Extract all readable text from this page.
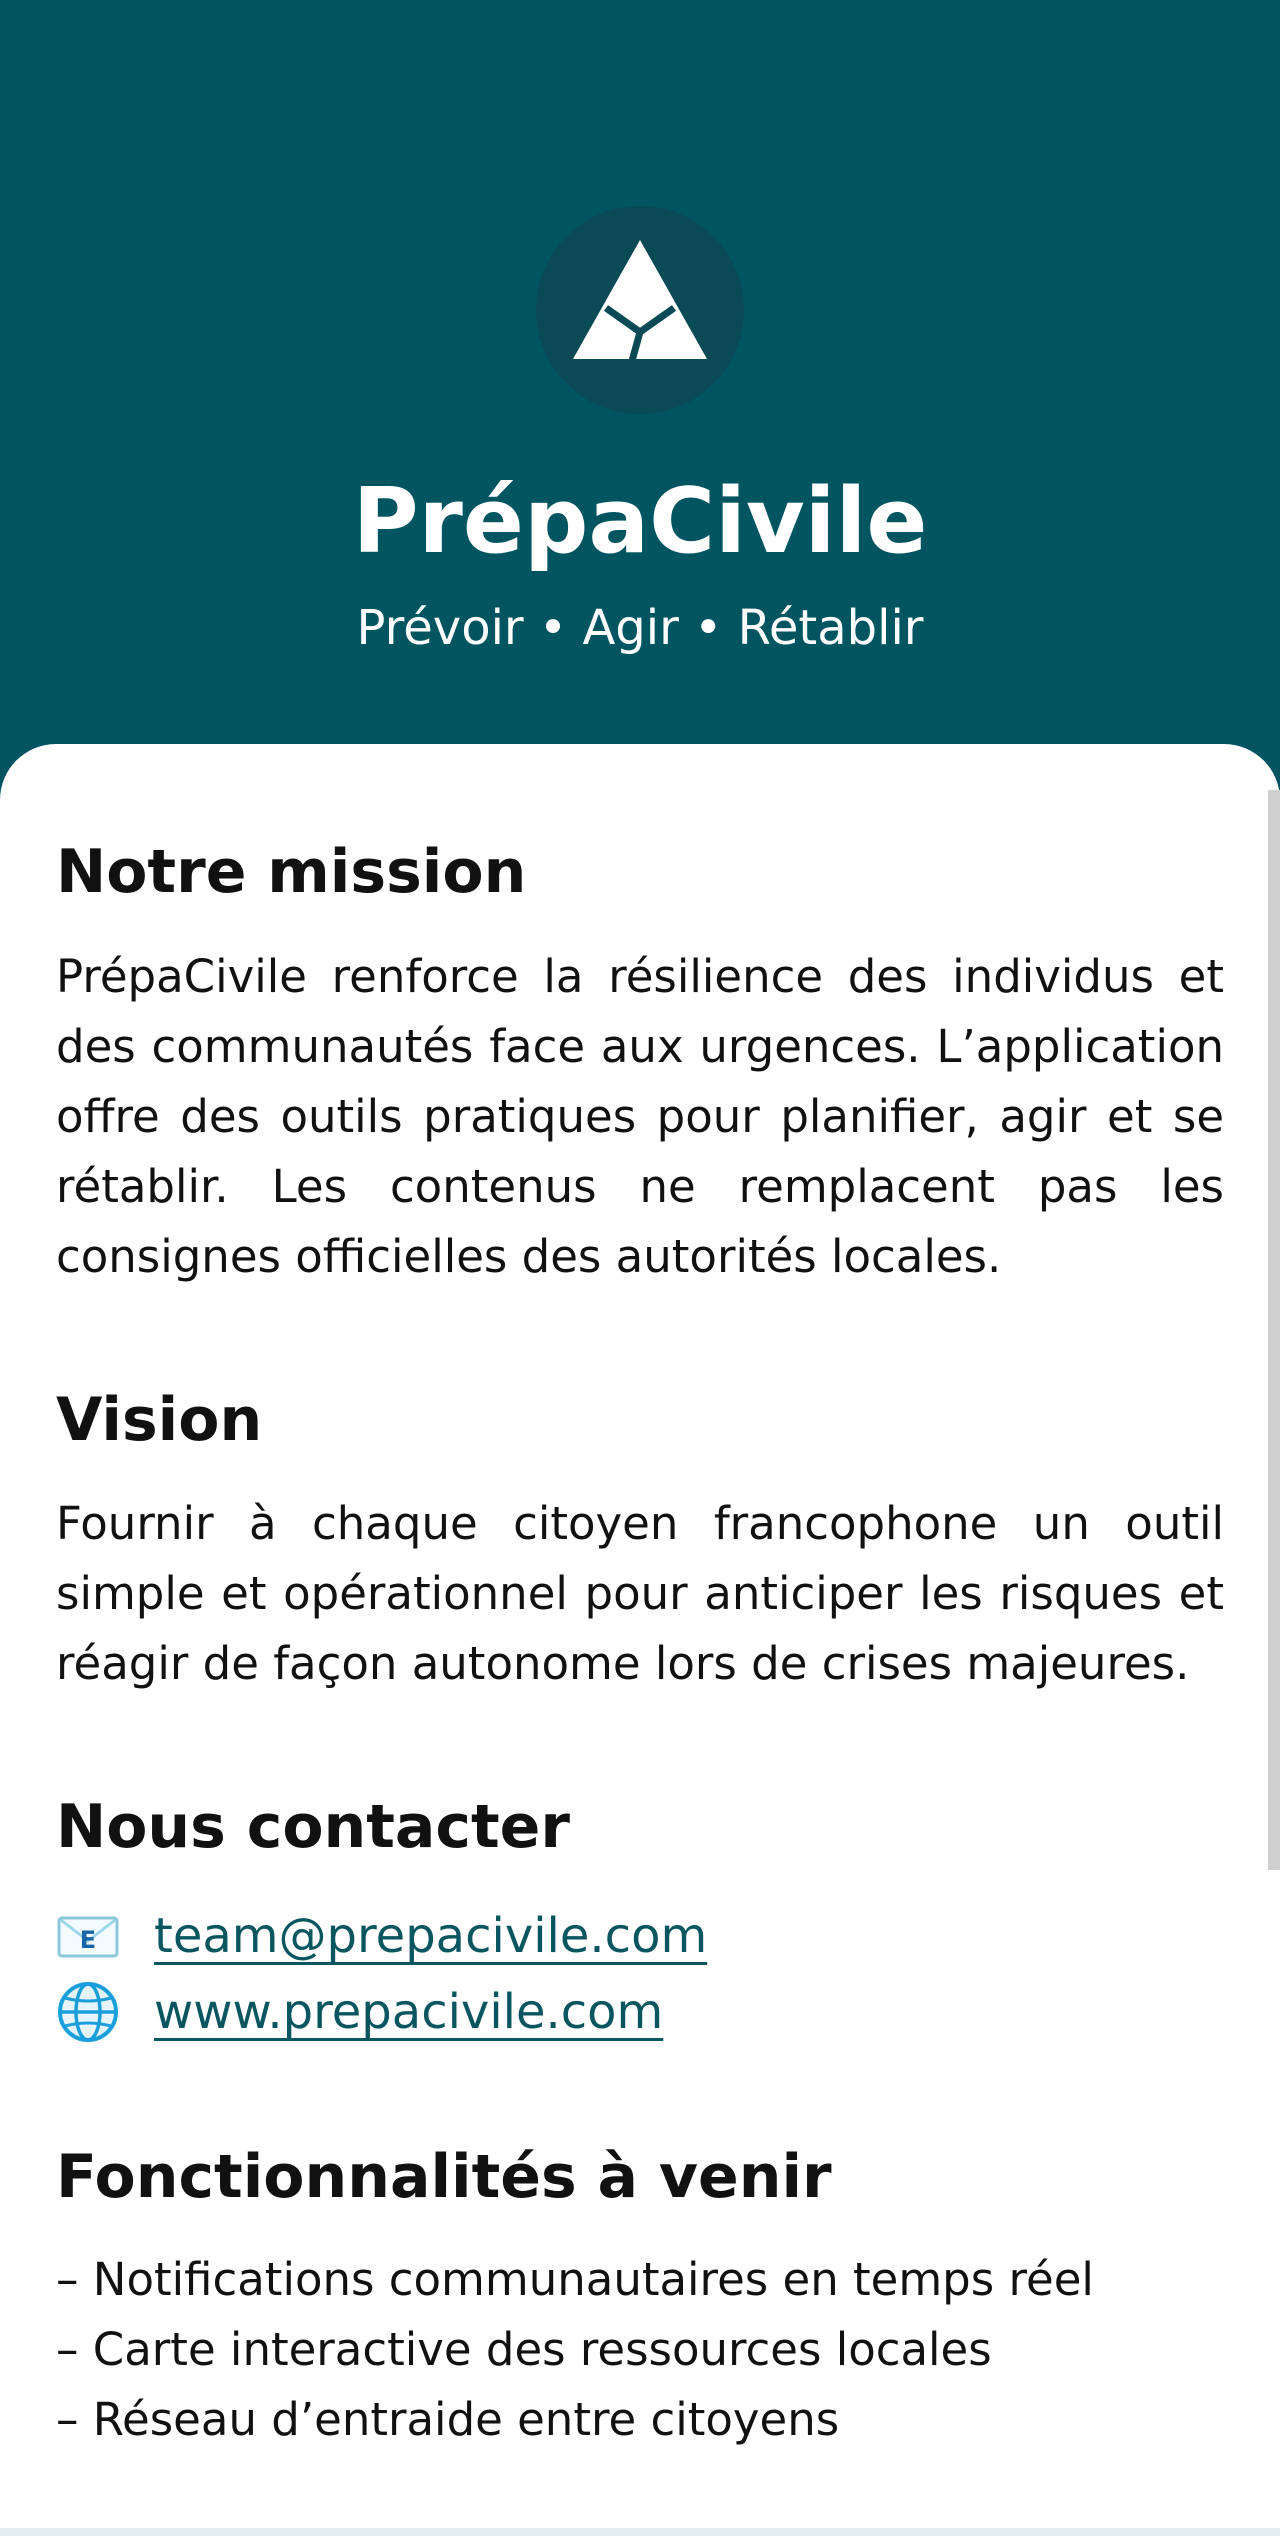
PrépaCivile
Prévoir • Agir • Rétablir
Notre mission

PrépaCivile renforce la résilience des individus et des communautés face aux urgences. L’application offre des outils pratiques pour planifier, agir et se rétablir. Les contenus ne remplacent pas les consignes officielles des autorités locales.

Vision

Fournir à chaque citoyen francophone un outil simple et opérationnel pour anticiper les risques et réagir de façon autonome lors de crises majeures.

Nous contacter
E team@prepacivile.com
www.prepacivile.com
Fonctionnalités à venir
– Notifications communautaires en temps réel
– Carte interactive des ressources locales
– Réseau d’entraide entre citoyens
